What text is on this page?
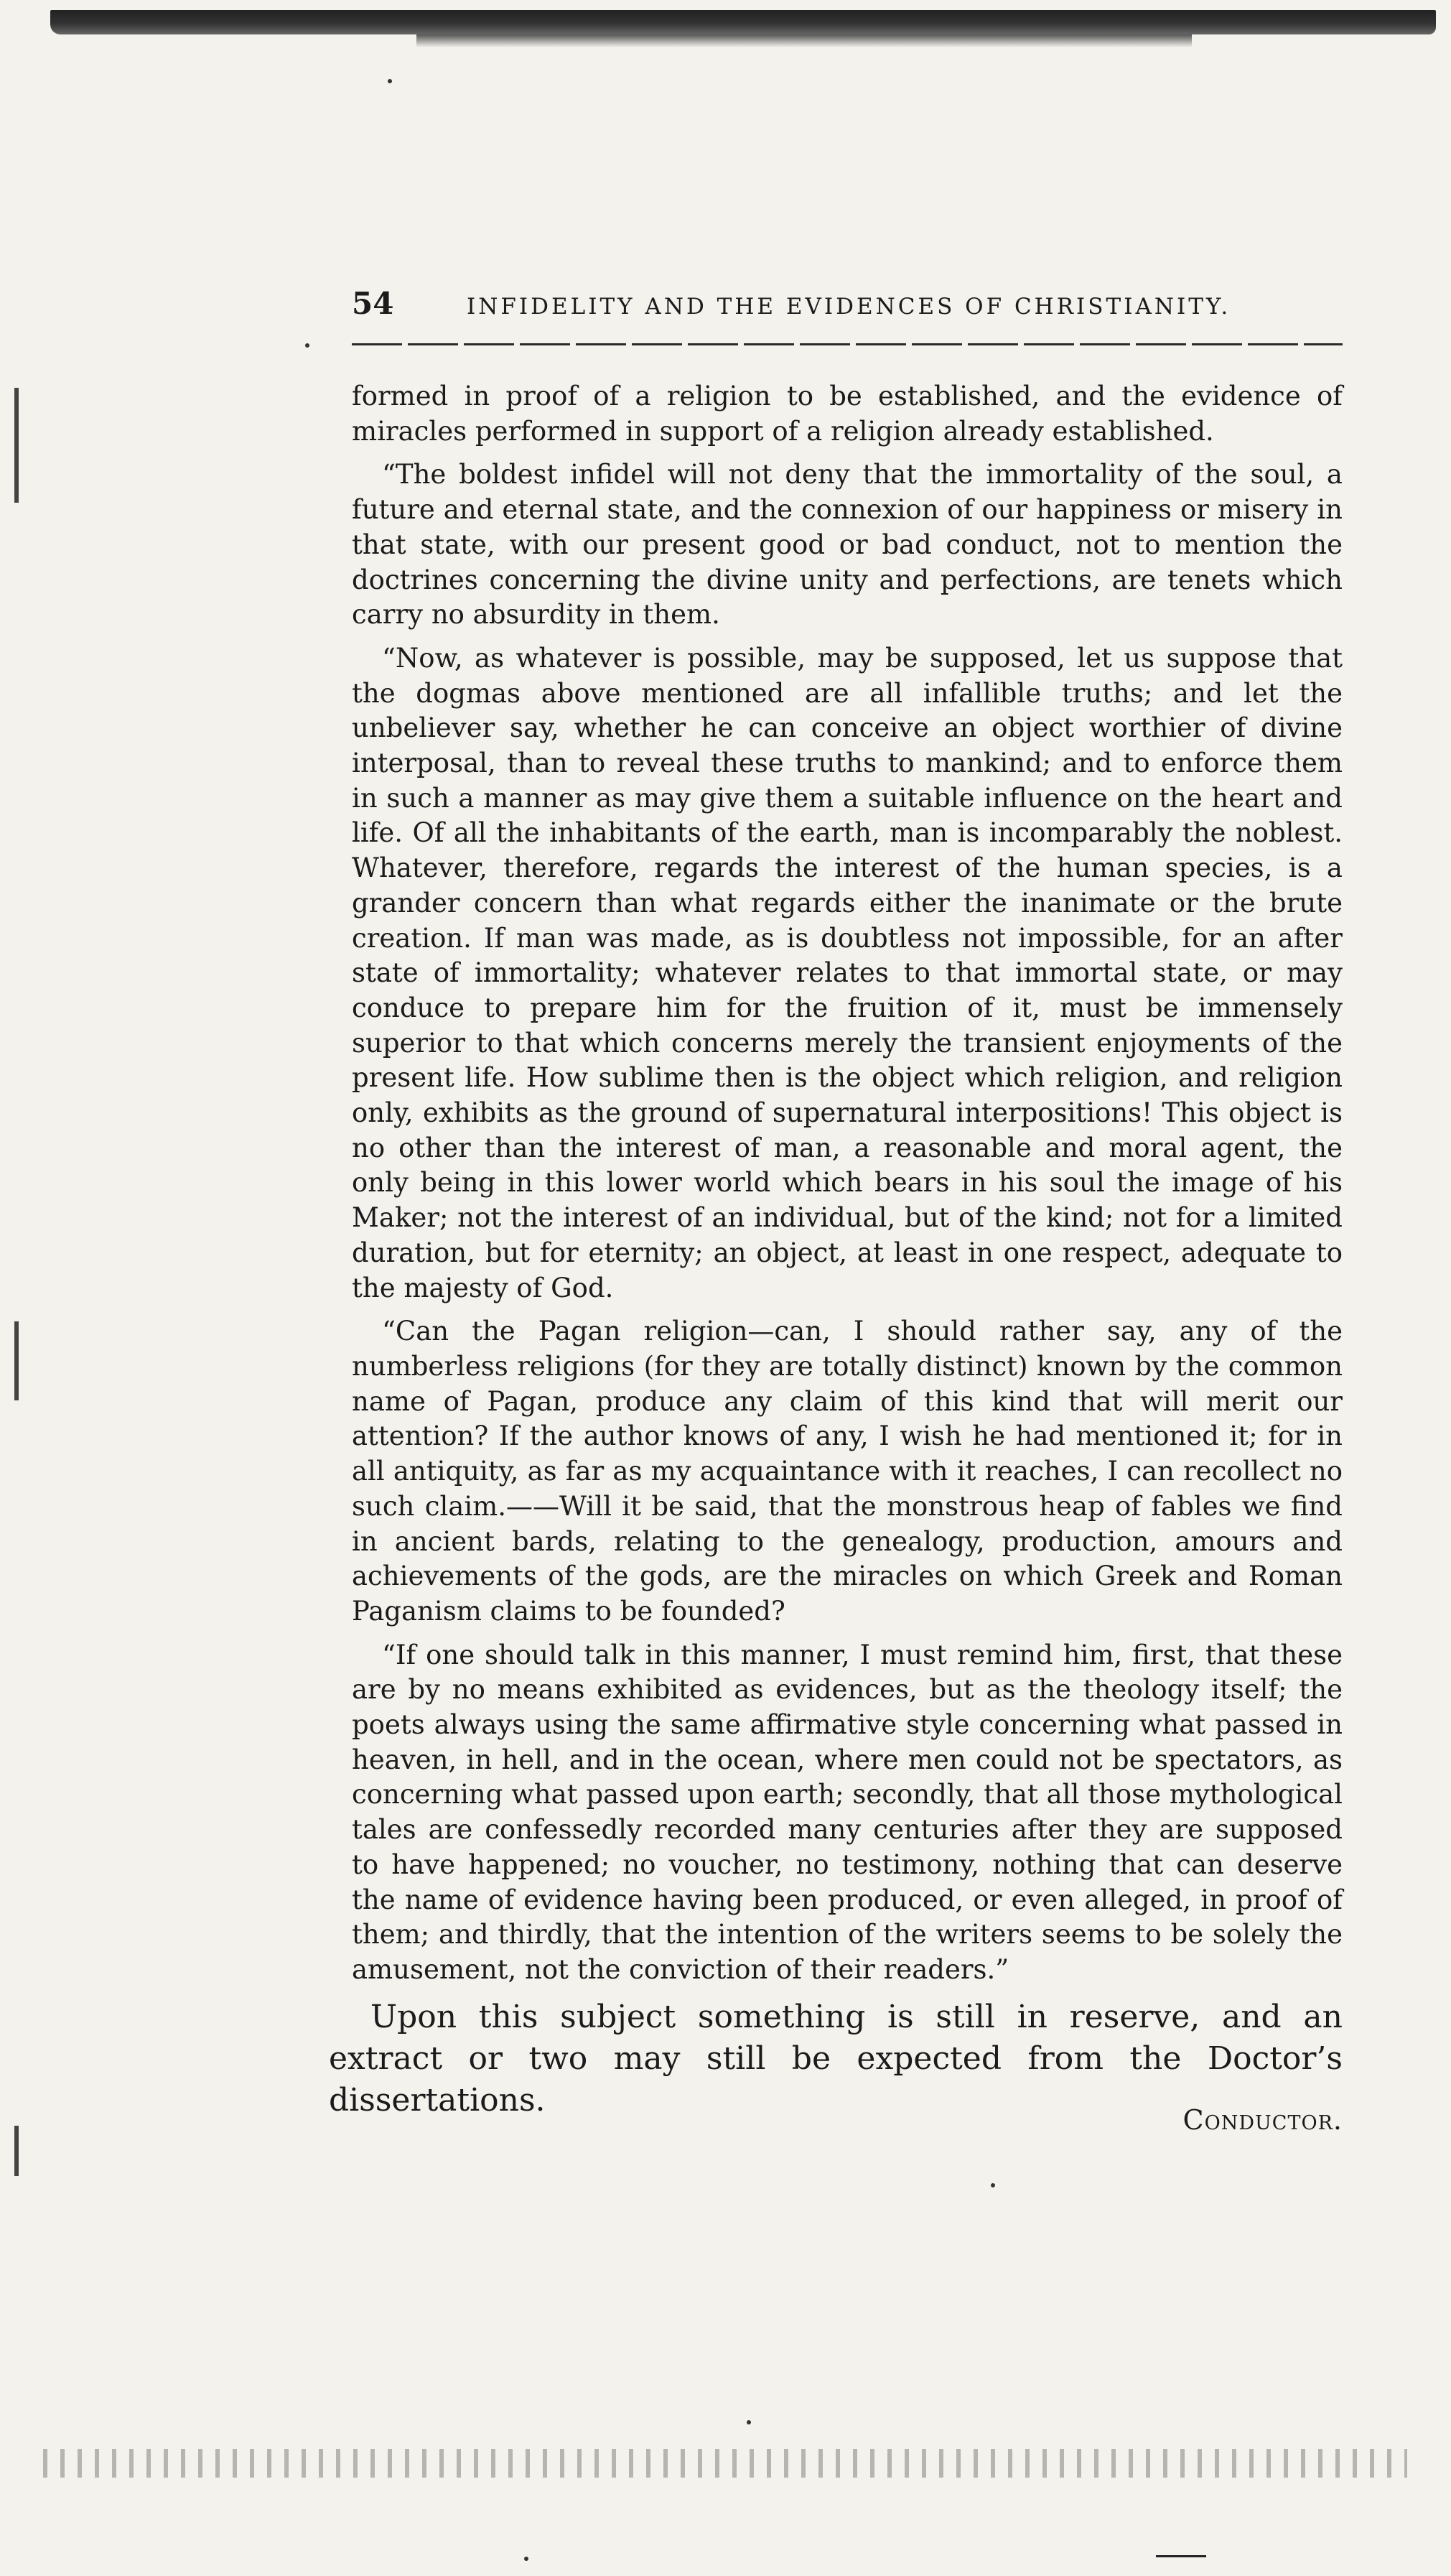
54	INFIDELITY AND THE EVIDENCES OF CHRISTIANITY.

formed in proof of a religion to be established, and the evidence of miracles performed in support of a religion already established.

“The boldest infidel will not deny that the immortality of the soul, a future and eternal state, and the connexion of our happiness or misery in that state, with our present good or bad conduct, not to mention the doctrines concerning the divine unity and perfections, are tenets which carry no absurdity in them.

“Now, as whatever is possible, may be supposed, let us suppose that the dogmas above mentioned are all infallible truths; and let the unbeliever say, whether he can conceive an object worthier of divine interposal, than to reveal these truths to mankind; and to enforce them in such a manner as may give them a suitable influence on the heart and life. Of all the inhabitants of the earth, man is incomparably the noblest. Whatever, therefore, regards the interest of the human species, is a grander concern than what regards either the inanimate or the brute creation. If man was made, as is doubtless not impossible, for an after state of immortality; whatever relates to that immortal state, or may conduce to prepare him for the fruition of it, must be immensely superior to that which concerns merely the transient enjoyments of the present life. How sublime then is the object which religion, and religion only, exhibits as the ground of supernatural interpositions! This object is no other than the interest of man, a reasonable and moral agent, the only being in this lower world which bears in his soul the image of his Maker; not the interest of an individual, but of the kind; not for a limited duration, but for eternity; an object, at least in one respect, adequate to the majesty of God.

“Can the Pagan religion—can, I should rather say, any of the numberless religions (for they are totally distinct) known by the common name of Pagan, produce any claim of this kind that will merit our attention? If the author knows of any, I wish he had mentioned it; for in all antiquity, as far as my acquaintance with it reaches, I can recollect no such claim.——Will it be said, that the monstrous heap of fables we find in ancient bards, relating to the genealogy, production, amours and achievements of the gods, are the miracles on which Greek and Roman Paganism claims to be founded?

“If one should talk in this manner, I must remind him, first, that these are by no means exhibited as evidences, but as the theology itself; the poets always using the same affirmative style concerning what passed in heaven, in hell, and in the ocean, where men could not be spectators, as concerning what passed upon earth; secondly, that all those mythological tales are confessedly recorded many centuries after they are supposed to have happened; no voucher, no testimony, nothing that can deserve the name of evidence having been produced, or even alleged, in proof of them; and thirdly, that the intention of the writers seems to be solely the amusement, not the conviction of their readers.”

Upon this subject something is still in reserve, and an extract or two may still be expected from the Doctor’s dissertations.

Conductor.
